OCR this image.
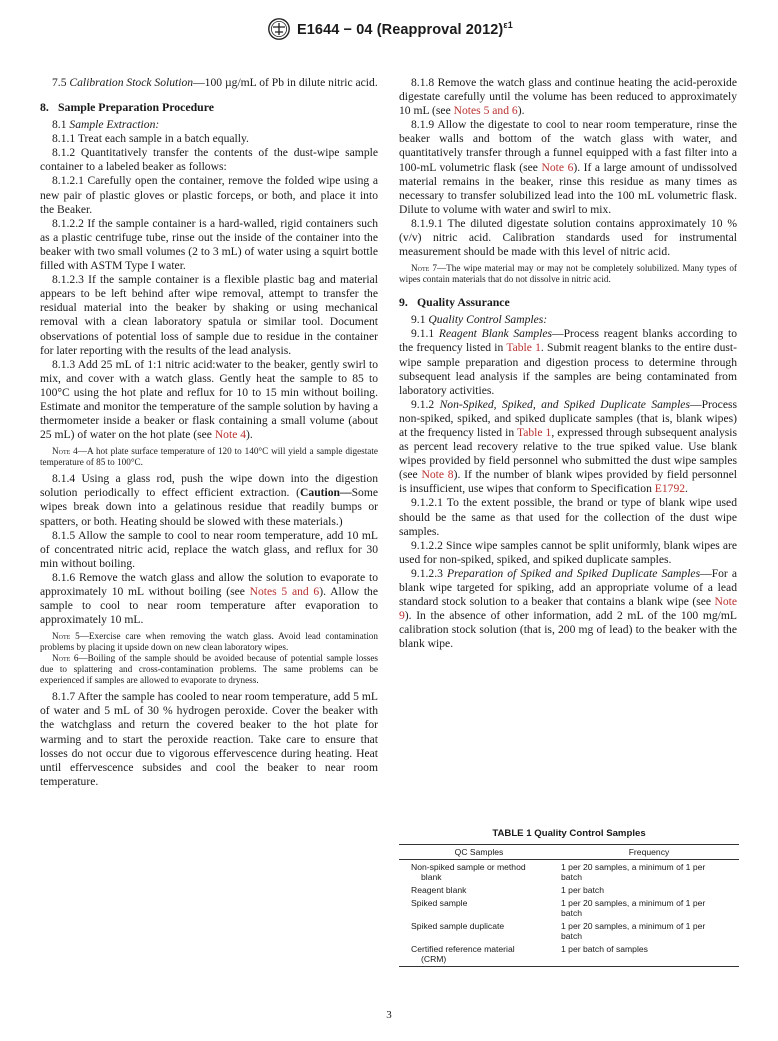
E1644 − 04 (Reapproval 2012)$^{\varepsilon 1}$

7.5 Calibration Stock Solution—100 µg/mL of Pb in dilute nitric acid.

8. Sample Preparation Procedure

8.1 Sample Extraction:

8.1.1 Treat each sample in a batch equally.

8.1.2 Quantitatively transfer the contents of the dust-wipe sample container to a labeled beaker as follows:

8.1.2.1 Carefully open the container, remove the folded wipe using a new pair of plastic gloves or plastic forceps, or both, and place it into the Beaker.

8.1.2.2 If the sample container is a hard-walled, rigid containers such as a plastic centrifuge tube, rinse out the inside of the container into the beaker with two small volumes (2 to 3 mL) of water using a squirt bottle filled with ASTM Type I water.

8.1.2.3 If the sample container is a flexible plastic bag and material appears to be left behind after wipe removal, attempt to transfer the residual material into the beaker by shaking or using mechanical removal with a clean laboratory spatula or similar tool. Document observations of potential loss of sample due to residue in the container for later reporting with the results of the lead analysis.

8.1.3 Add 25 mL of 1:1 nitric acid:water to the beaker, gently swirl to mix, and cover with a watch glass. Gently heat the sample to 85 to 100°C using the hot plate and reflux for 10 to 15 min without boiling. Estimate and monitor the temperature of the sample solution by having a thermometer inside a beaker or flask containing a small volume (about 25 mL) of water on the hot plate (see Note 4).

Note 4—A hot plate surface temperature of 120 to 140°C will yield a sample digestate temperature of 85 to 100°C.

8.1.4 Using a glass rod, push the wipe down into the digestion solution periodically to effect efficient extraction. (Caution—Some wipes break down into a gelatinous residue that readily bumps or spatters, or both. Heating should be slowed with these materials.)

8.1.5 Allow the sample to cool to near room temperature, add 10 mL of concentrated nitric acid, replace the watch glass, and reflux for 30 min without boiling.

8.1.6 Remove the watch glass and allow the solution to evaporate to approximately 10 mL without boiling (see Notes 5 and 6). Allow the sample to cool to near room temperature after evaporation to approximately 10 mL.

Note 5—Exercise care when removing the watch glass. Avoid lead contamination problems by placing it upside down on new clean laboratory wipes.

Note 6—Boiling of the sample should be avoided because of potential sample losses due to splattering and cross-contamination problems. The same problems can be experienced if samples are allowed to evaporate to dryness.

8.1.7 After the sample has cooled to near room temperature, add 5 mL of water and 5 mL of 30 % hydrogen peroxide. Cover the beaker with the watchglass and return the covered beaker to the hot plate for warming and to start the peroxide reaction. Take care to ensure that losses do not occur due to vigorous effervescence during heating. Heat until effervescence subsides and cool the beaker to near room temperature.

8.1.8 Remove the watch glass and continue heating the acid-peroxide digestate carefully until the volume has been reduced to approximately 10 mL (see Notes 5 and 6).

8.1.9 Allow the digestate to cool to near room temperature, rinse the beaker walls and bottom of the watch glass with water, and quantitatively transfer through a funnel equipped with a fast filter into a 100-mL volumetric flask (see Note 6). If a large amount of undissolved material remains in the beaker, rinse this residue as many times as necessary to transfer solubilized lead into the 100 mL volumetric flask. Dilute to volume with water and swirl to mix.

8.1.9.1 The diluted digestate solution contains approximately 10 % (v/v) nitric acid. Calibration standards used for instrumental measurement should be made with this level of nitric acid.

Note 7—The wipe material may or may not be completely solubilized. Many types of wipes contain materials that do not dissolve in nitric acid.

9. Quality Assurance

9.1 Quality Control Samples:

9.1.1 Reagent Blank Samples—Process reagent blanks according to the frequency listed in Table 1. Submit reagent blanks to the entire dust-wipe sample preparation and digestion process to determine through subsequent lead analysis if the samples are being contaminated from laboratory activities.

9.1.2 Non-Spiked, Spiked, and Spiked Duplicate Samples—Process non-spiked, spiked, and spiked duplicate samples (that is, blank wipes) at the frequency listed in Table 1, expressed through subsequent analysis as percent lead recovery relative to the true spiked value. Use blank wipes provided by field personnel who submitted the dust wipe samples (see Note 8). If the number of blank wipes provided by field personnel is insufficient, use wipes that conform to Specification E1792.

9.1.2.1 To the extent possible, the brand or type of blank wipe used should be the same as that used for the collection of the dust wipe samples.

9.1.2.2 Since wipe samples cannot be split uniformly, blank wipes are used for non-spiked, spiked, and spiked duplicate samples.

9.1.2.3 Preparation of Spiked and Spiked Duplicate Samples—For a blank wipe targeted for spiking, add an appropriate volume of a lead standard stock solution to a beaker that contains a blank wipe (see Note 9). In the absence of other information, add 2 mL of the 100 mg/mL calibration stock solution (that is, 200 mg of lead) to the beaker with the blank wipe.

TABLE 1 Quality Control Samples
QC Samples	Frequency

Non-spiked sample or method
blank	1 per 20 samples, a minimum of 1 per
batch

Reagent blank	1 per batch

Spiked sample	1 per 20 samples, a minimum of 1 per
batch

Spiked sample duplicate	1 per 20 samples, a minimum of 1 per
batch

Certified reference material
(CRM)	1 per batch of samples
3
